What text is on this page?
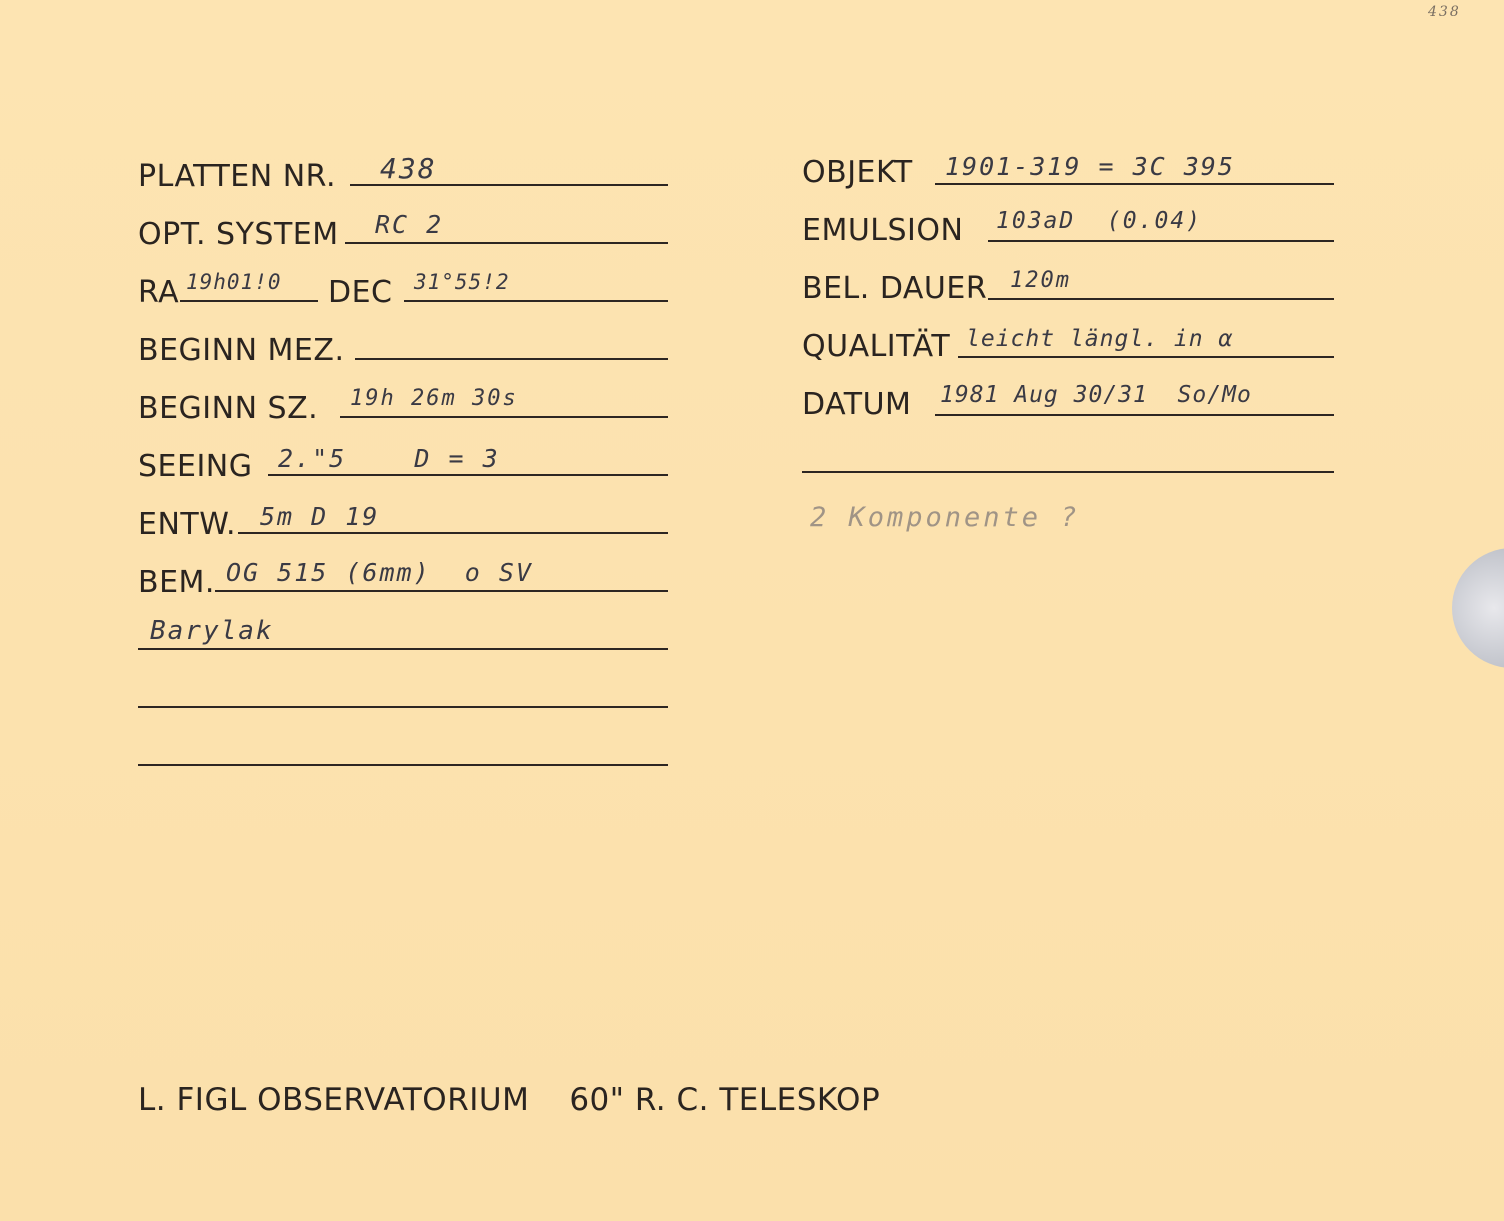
438
PLATTEN NR. 438
OPT. SYSTEM RC 2
RA 19h01!0 DEC 31°55!2
BEGINN MEZ.
BEGINN SZ. 19h 26m 30s
SEEING 2."5    D = 3
ENTW. 5m D 19
BEM. OG 515 (6mm)  o SV
Barylak
OBJEKT 1901-319 = 3C 395
EMULSION 103aD  (0.04)
BEL. DAUER 120m
QUALITÄT leicht längl. in α
DATUM 1981 Aug 30/31  So/Mo
2 Komponente ?
L. FIGL OBSERVATORIUM 60" R. C. TELESKOP
